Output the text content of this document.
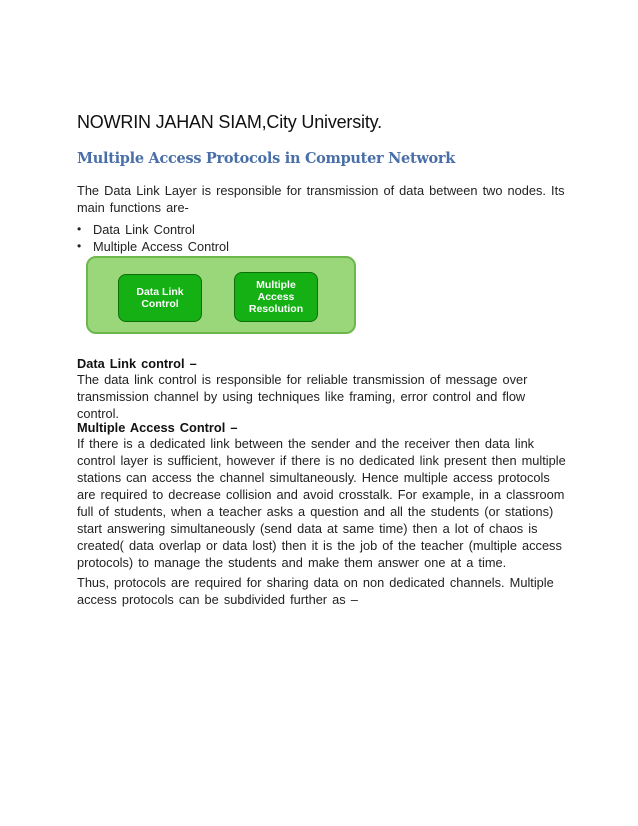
NOWRIN JAHAN SIAM,City University.
Multiple Access Protocols in Computer Network
The Data Link Layer is responsible for transmission of data between two nodes. Its main functions are-
• Data Link Control
• Multiple Access Control
Data Link Control
Multiple Access Resolution
Data Link control –
The data link control is responsible for reliable transmission of message over transmission channel by using techniques like framing, error control and flow control.
Multiple Access Control –
If there is a dedicated link between the sender and the receiver then data link control layer is sufficient, however if there is no dedicated link present then multiple stations can access the channel simultaneously. Hence multiple access protocols are required to decrease collision and avoid crosstalk. For example, in a classroom full of students, when a teacher asks a question and all the students (or stations) start answering simultaneously (send data at same time) then a lot of chaos is created( data overlap or data lost) then it is the job of the teacher (multiple access protocols) to manage the students and make them answer one at a time.
Thus, protocols are required for sharing data on non dedicated channels. Multiple access protocols can be subdivided further as –
